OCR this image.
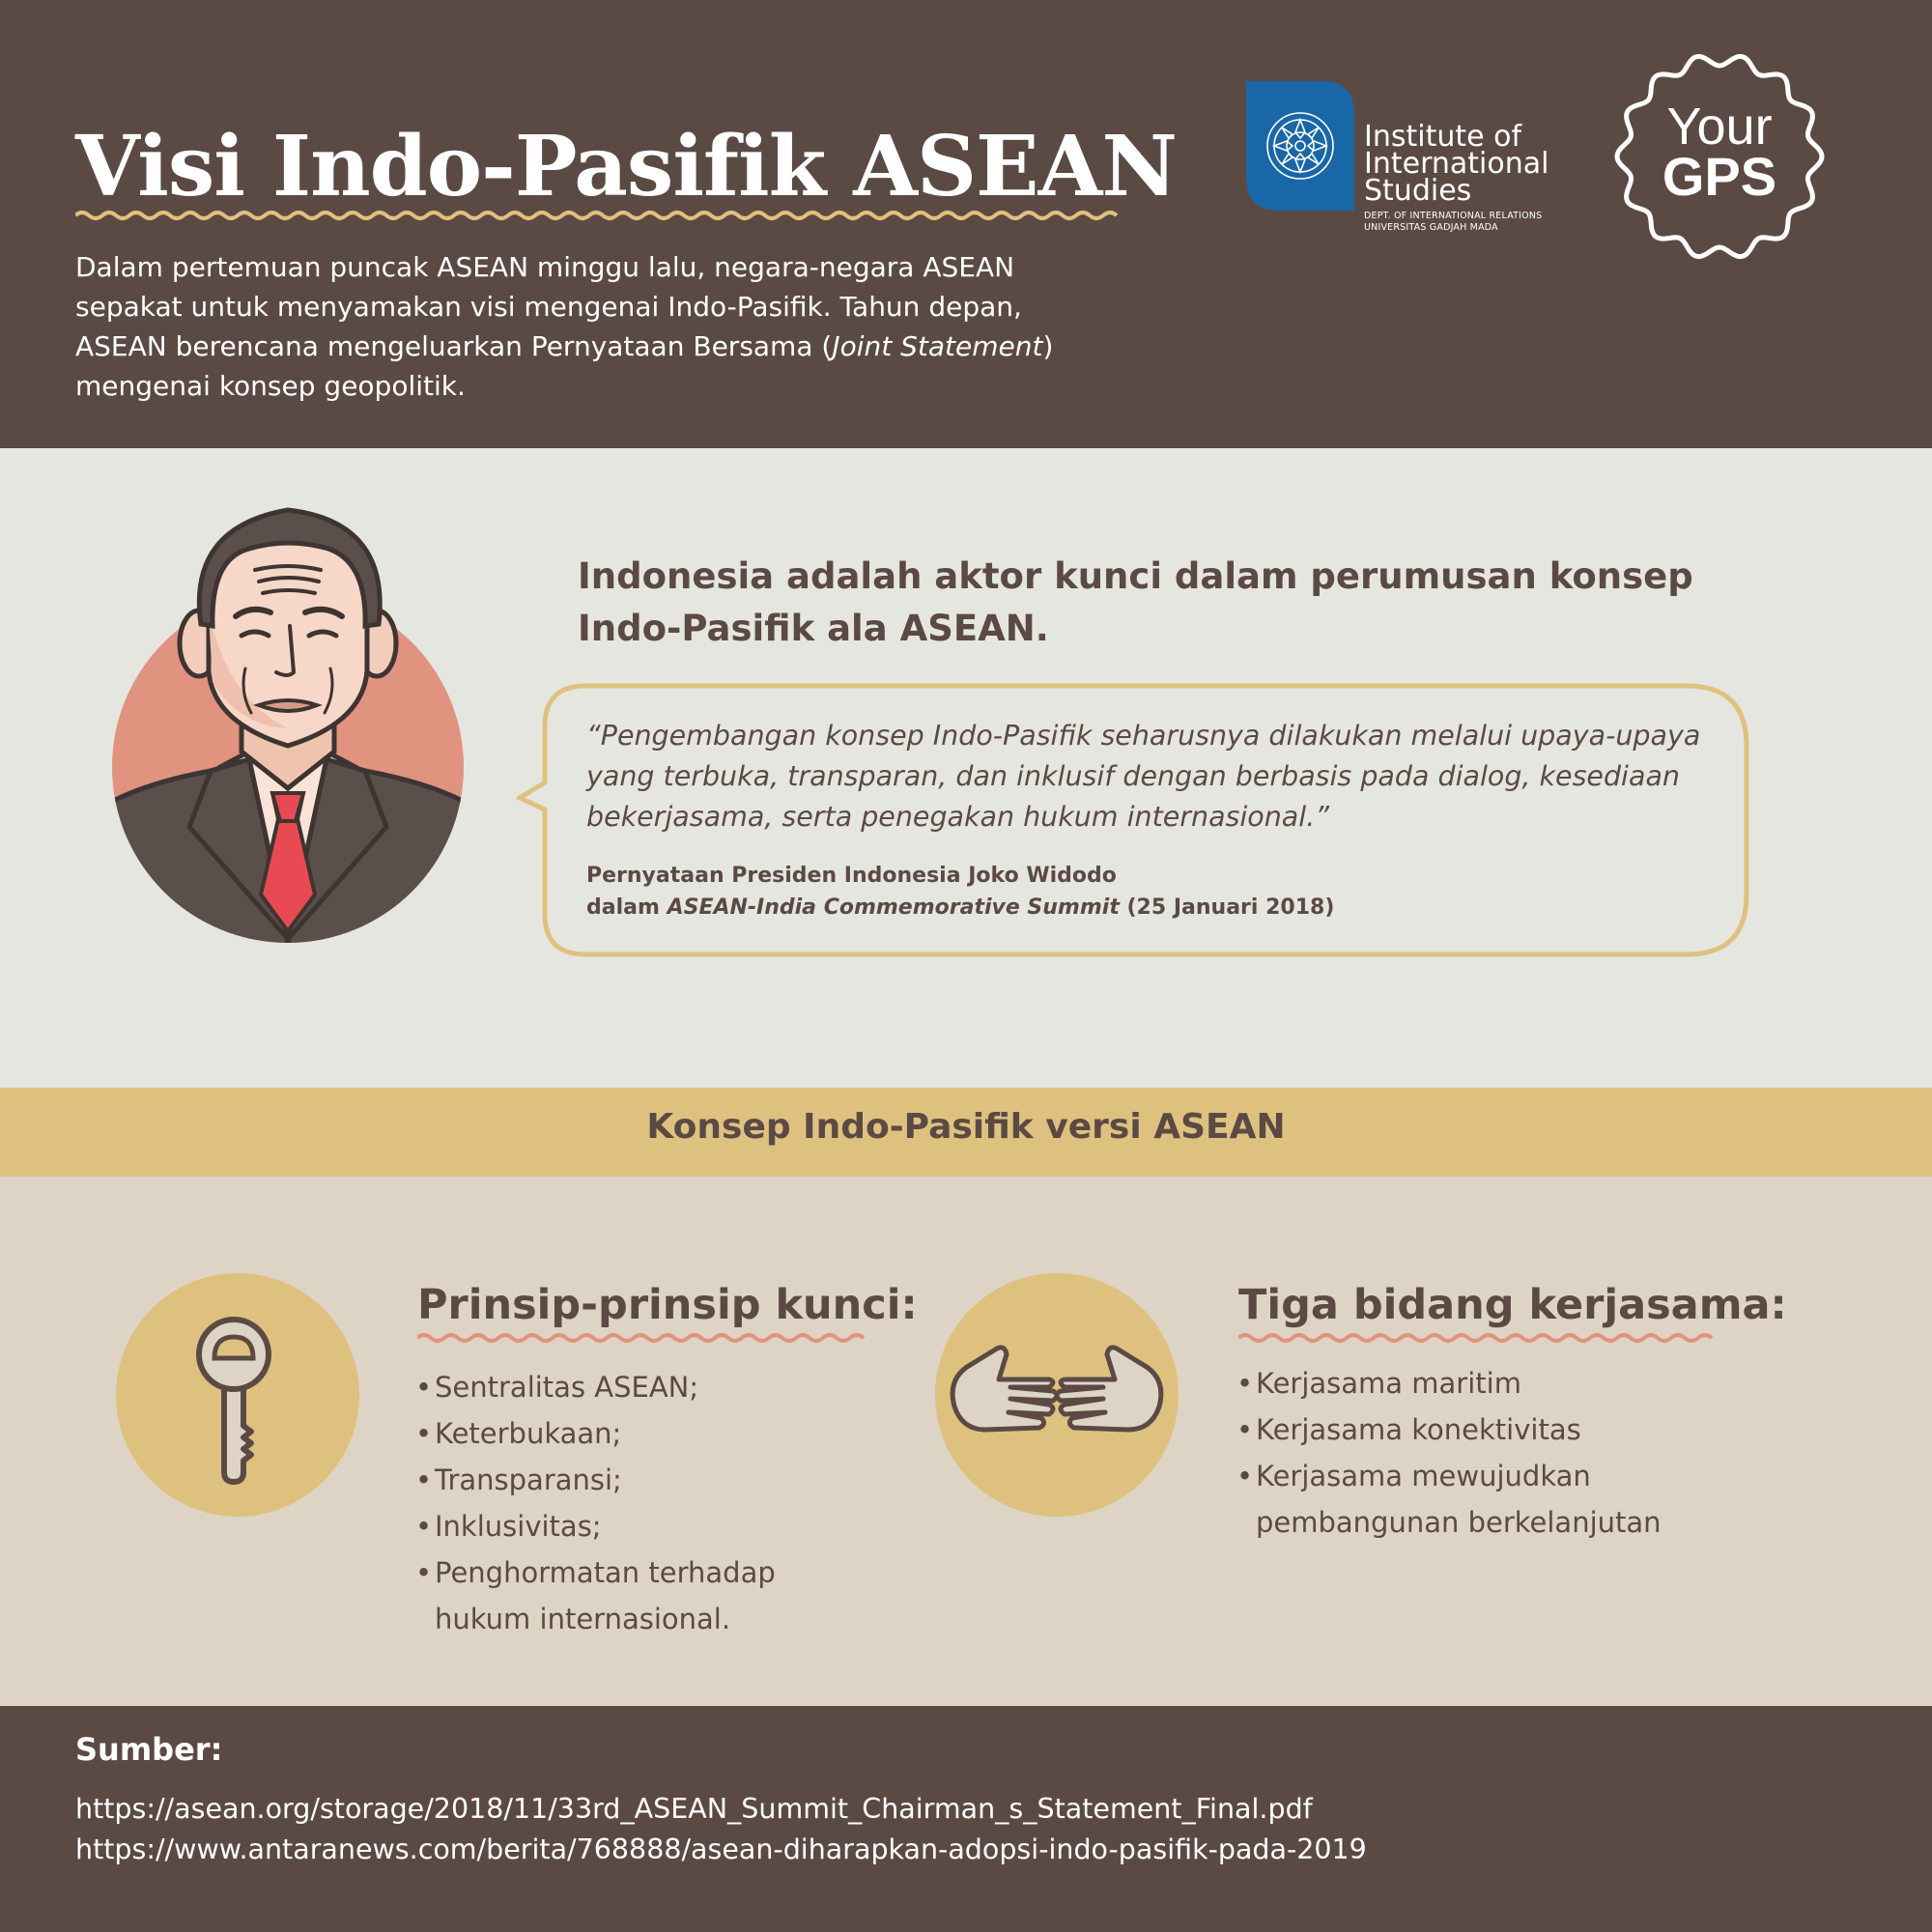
Visi Indo-Pasifik ASEAN

Dalam pertemuan puncak ASEAN minggu lalu, negara-negara ASEAN sepakat untuk menyamakan visi mengenai Indo-Pasifik. Tahun depan, ASEAN berencana mengeluarkan Pernyataan Bersama (Joint Statement) mengenai konsep geopolitik.

Institute of
International
Studies
DEPT. OF INTERNATIONAL RELATIONS
UNIVERSITAS GADJAH MADA
Your
GPS

Indonesia adalah aktor kunci dalam perumusan konsep Indo-Pasifik ala ASEAN.

“Pengembangan konsep Indo-Pasifik seharusnya dilakukan melalui upaya-upaya yang terbuka, transparan, dan inklusif dengan berbasis pada dialog, kesediaan bekerjasama, serta penegakan hukum internasional.”

Pernyataan Presiden Indonesia Joko Widodo
dalam ASEAN-India Commemorative Summit (25 Januari 2018)

Konsep Indo-Pasifik versi ASEAN
Prinsip-prinsip kunci:
• Sentralitas ASEAN;
• Keterbukaan;
• Transparansi;
• Inklusivitas;
• Penghormatan terhadap hukum internasional.
Tiga bidang kerjasama:
• Kerjasama maritim
• Kerjasama konektivitas
• Kerjasama mewujudkan pembangunan berkelanjutan

Sumber:

https://asean.org/storage/2018/11/33rd_ASEAN_Summit_Chairman_s_Statement_Final.pdf

https://www.antaranews.com/berita/768888/asean-diharapkan-adopsi-indo-pasifik-pada-2019
